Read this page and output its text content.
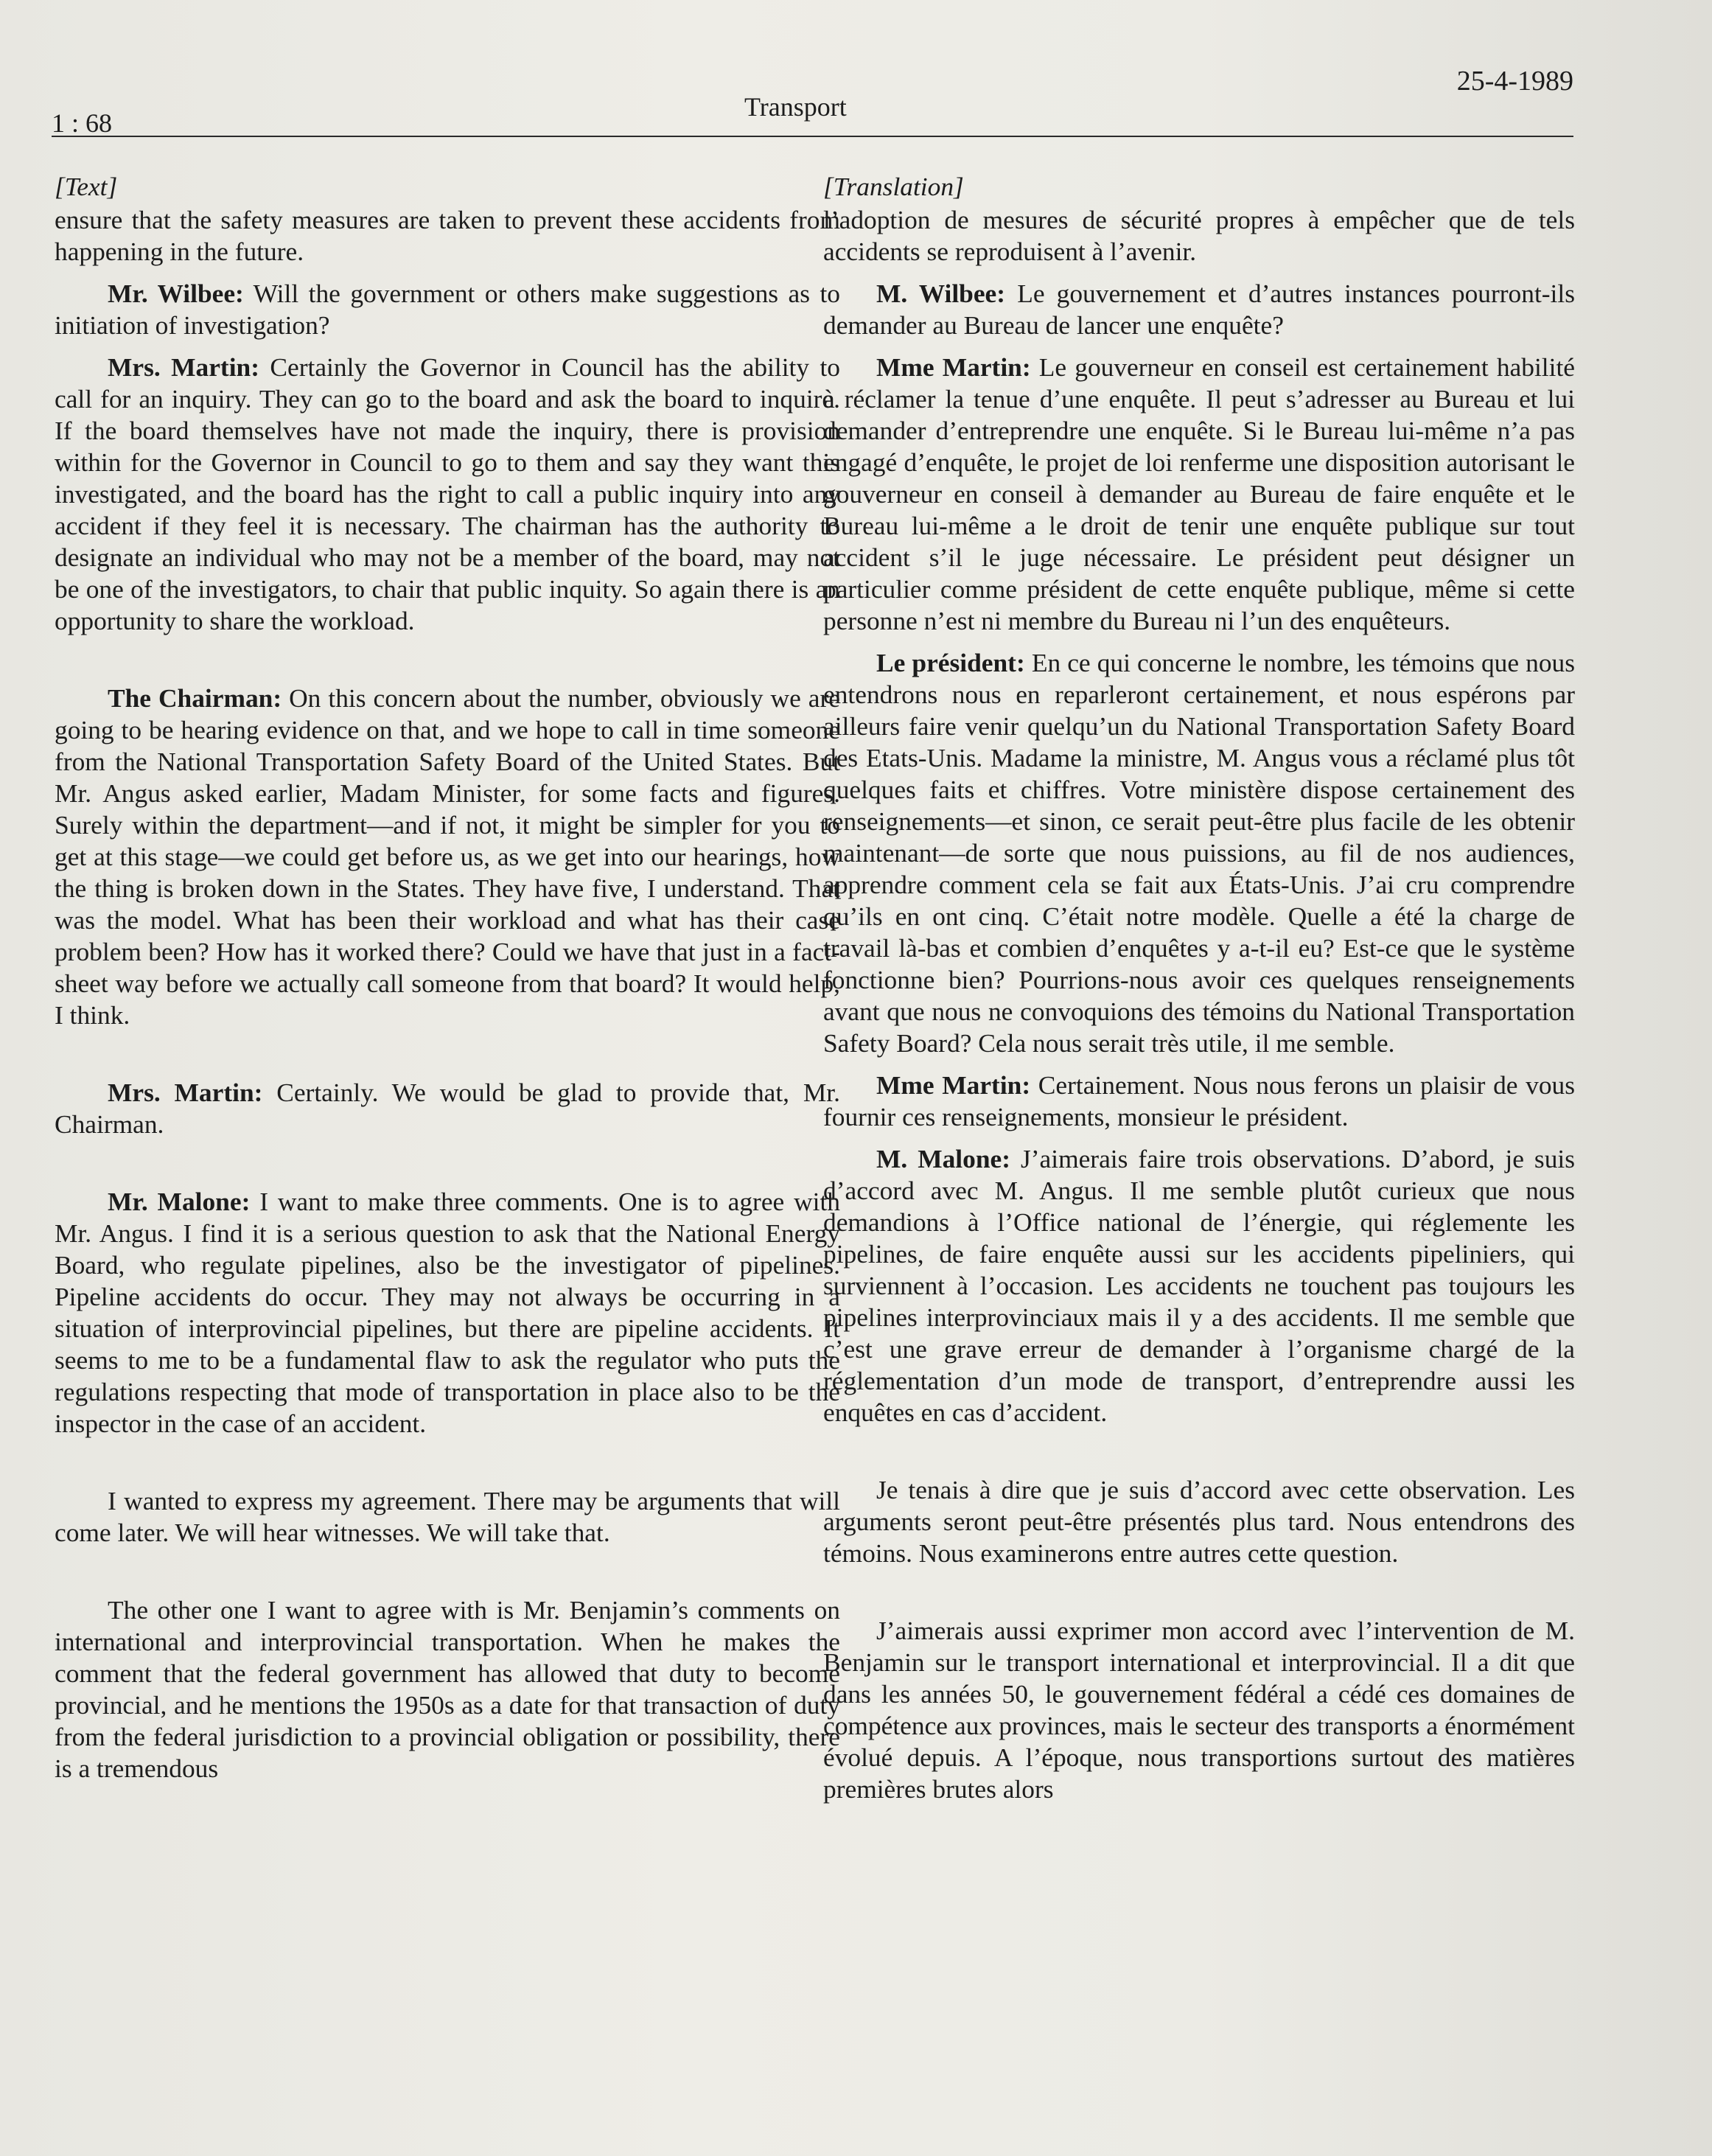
25-4-1989
Transport
1 : 68
[Text]

ensure that the safety measures are taken to prevent these accidents from happening in the future.

Mr. Wilbee: Will the government or others make suggestions as to initiation of investigation?

Mrs. Martin: Certainly the Governor in Council has the ability to call for an inquiry. They can go to the board and ask the board to inquire. If the board themselves have not made the inquiry, there is provision within for the Governor in Council to go to them and say they want this investigated, and the board has the right to call a public inquiry into any accident if they feel it is necessary. The chairman has the authority to designate an individual who may not be a member of the board, may not be one of the investigators, to chair that public inquity. So again there is an opportunity to share the workload.

The Chairman: On this concern about the number, obviously we are going to be hearing evidence on that, and we hope to call in time someone from the National Transportation Safety Board of the United States. But Mr. Angus asked earlier, Madam Minister, for some facts and figures. Surely within the department—and if not, it might be simpler for you to get at this stage—we could get before us, as we get into our hearings, how the thing is broken down in the States. They have five, I understand. That was the model. What has been their workload and what has their case problem been? How has it worked there? Could we have that just in a fact-sheet way before we actually call someone from that board? It would help, I think.

Mrs. Martin: Certainly. We would be glad to provide that, Mr. Chairman.

Mr. Malone: I want to make three comments. One is to agree with Mr. Angus. I find it is a serious question to ask that the National Energy Board, who regulate pipelines, also be the investigator of pipelines. Pipeline accidents do occur. They may not always be occurring in a situation of interprovincial pipelines, but there are pipeline accidents. It seems to me to be a fundamental flaw to ask the regulator who puts the regulations respecting that mode of transportation in place also to be the inspector in the case of an accident.

I wanted to express my agreement. There may be arguments that will come later. We will hear witnesses. We will take that.

The other one I want to agree with is Mr. Benjamin’s comments on international and interprovincial transportation. When he makes the comment that the federal government has allowed that duty to become provincial, and he mentions the 1950s as a date for that transaction of duty from the federal jurisdiction to a provincial obligation or possibility, there is a tremendous

[Translation]

l’adoption de mesures de sécurité propres à empêcher que de tels accidents se reproduisent à l’avenir.

M. Wilbee: Le gouvernement et d’autres instances pourront-ils demander au Bureau de lancer une enquête?

Mme Martin: Le gouverneur en conseil est certainement habilité à réclamer la tenue d’une enquête. Il peut s’adresser au Bureau et lui demander d’entreprendre une enquête. Si le Bureau lui-même n’a pas engagé d’enquête, le projet de loi renferme une disposition autorisant le gouverneur en conseil à demander au Bureau de faire enquête et le Bureau lui-même a le droit de tenir une enquête publique sur tout accident s’il le juge nécessaire. Le président peut désigner un particulier comme président de cette enquête publique, même si cette personne n’est ni membre du Bureau ni l’un des enquêteurs.

Le président: En ce qui concerne le nombre, les témoins que nous entendrons nous en reparleront certainement, et nous espérons par ailleurs faire venir quelqu’un du National Transportation Safety Board des Etats-Unis. Madame la ministre, M. Angus vous a réclamé plus tôt quelques faits et chiffres. Votre ministère dispose certainement des renseignements—et sinon, ce serait peut-être plus facile de les obtenir maintenant—de sorte que nous puissions, au fil de nos audiences, apprendre comment cela se fait aux États-Unis. J’ai cru comprendre qu’ils en ont cinq. C’était notre modèle. Quelle a été la charge de travail là-bas et combien d’enquêtes y a-t-il eu? Est-ce que le système fonctionne bien? Pourrions-nous avoir ces quelques renseignements avant que nous ne convoquions des témoins du National Transportation Safety Board? Cela nous serait très utile, il me semble.

Mme Martin: Certainement. Nous nous ferons un plaisir de vous fournir ces renseignements, monsieur le président.

M. Malone: J’aimerais faire trois observations. D’abord, je suis d’accord avec M. Angus. Il me semble plutôt curieux que nous demandions à l’Office national de l’énergie, qui réglemente les pipelines, de faire enquête aussi sur les accidents pipeliniers, qui surviennent à l’occasion. Les accidents ne touchent pas toujours les pipelines interprovinciaux mais il y a des accidents. Il me semble que c’est une grave erreur de demander à l’organisme chargé de la réglementation d’un mode de transport, d’entreprendre aussi les enquêtes en cas d’accident.

Je tenais à dire que je suis d’accord avec cette observation. Les arguments seront peut-être présentés plus tard. Nous entendrons des témoins. Nous examinerons entre autres cette question.

J’aimerais aussi exprimer mon accord avec l’intervention de M. Benjamin sur le transport international et interprovincial. Il a dit que dans les années 50, le gouvernement fédéral a cédé ces domaines de compétence aux provinces, mais le secteur des transports a énormément évolué depuis. A l’époque, nous transportions surtout des matières premières brutes alors
